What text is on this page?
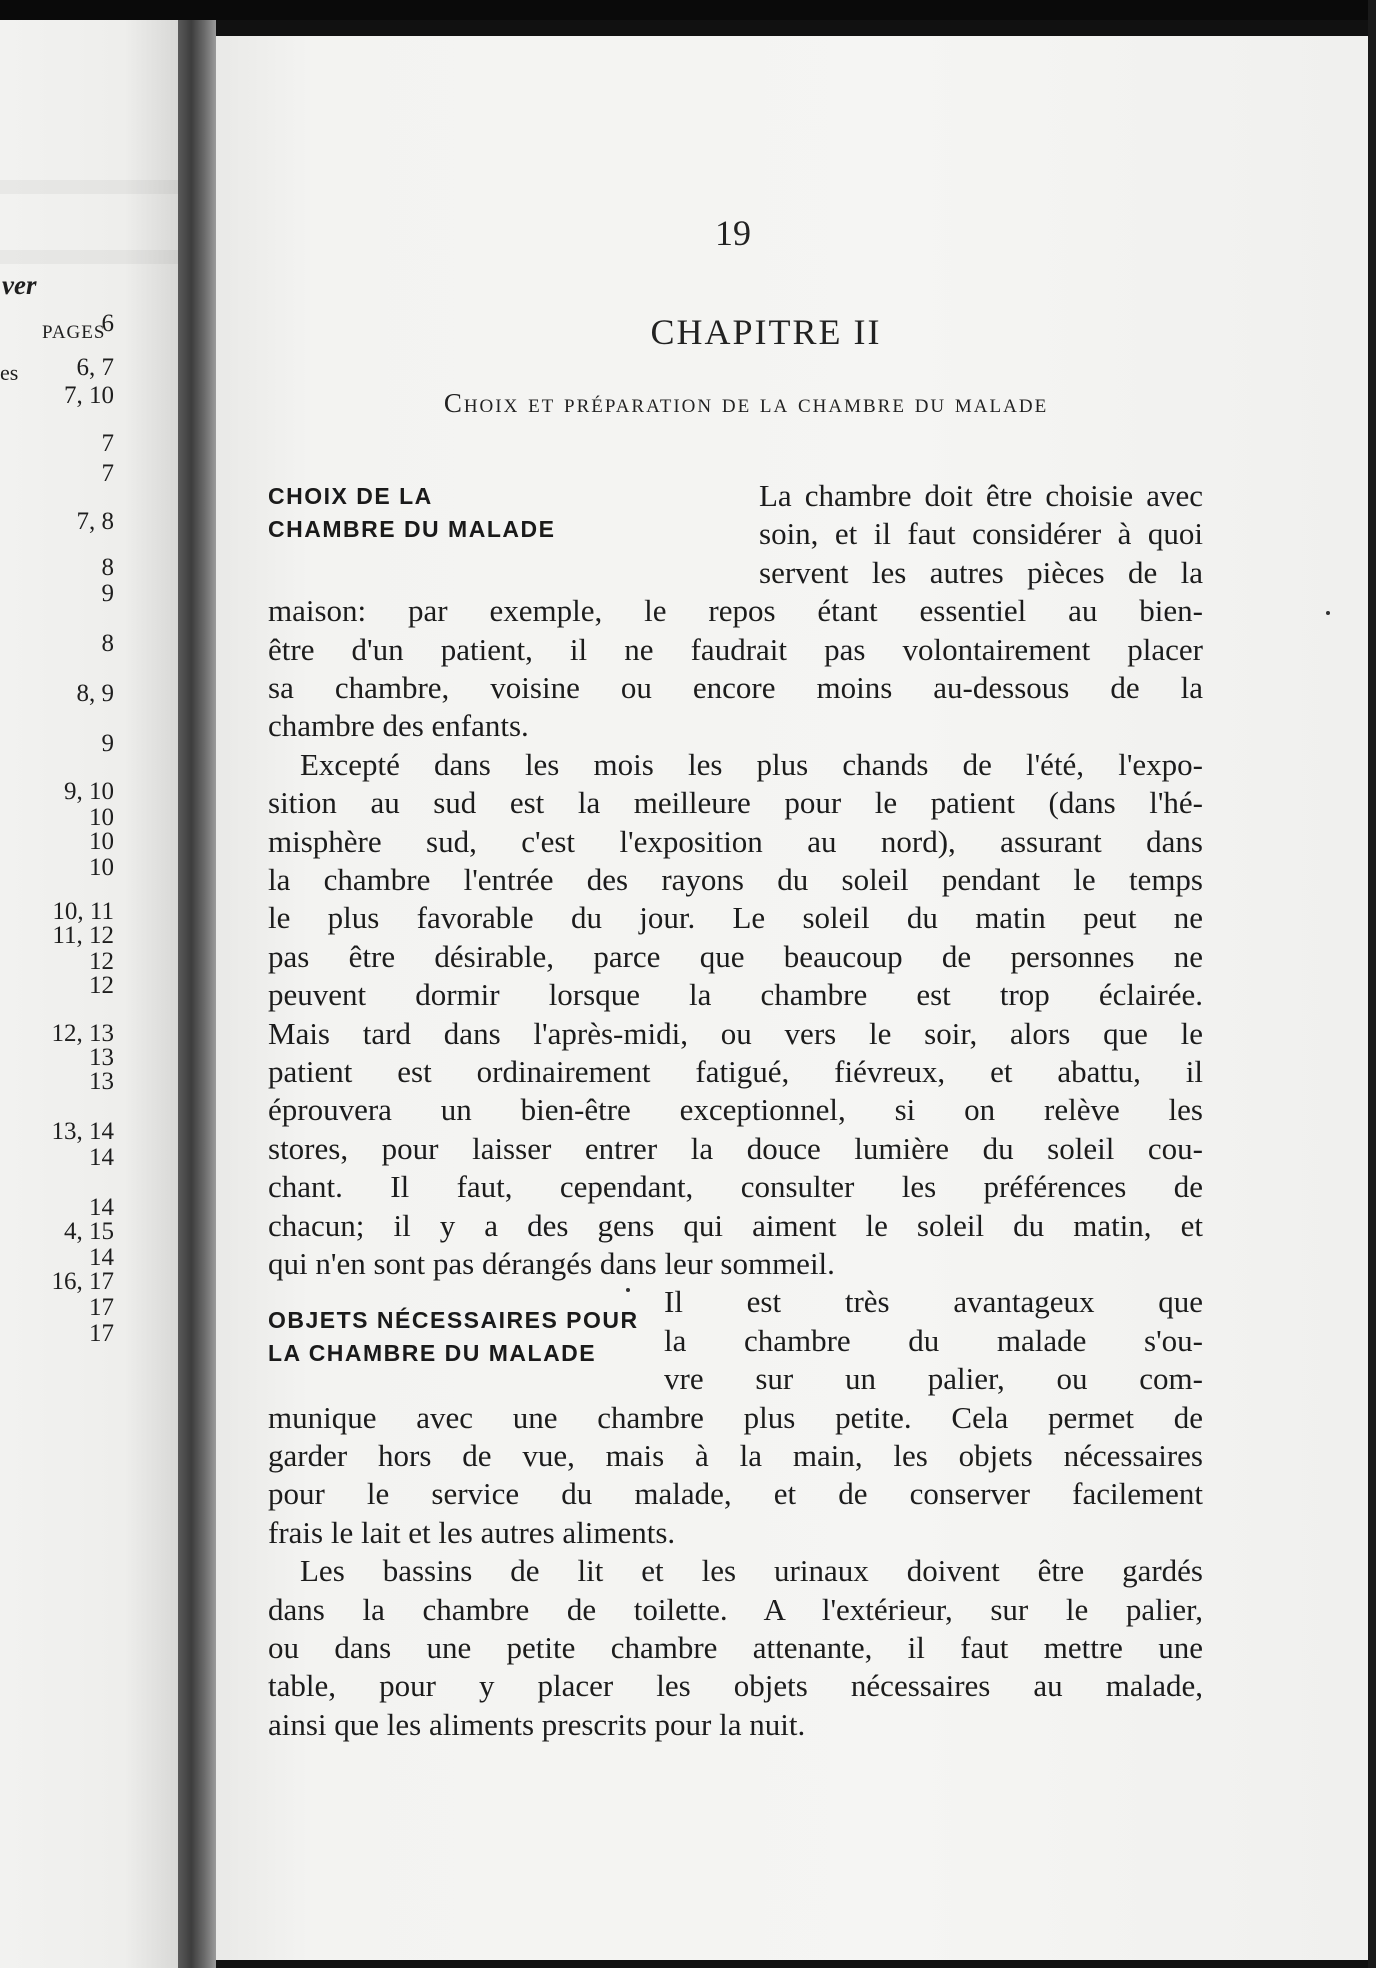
ver
PAGES
es
6
6, 7
7, 10
7
7
7, 8
8
9
8
8, 9
9
9, 10
10
10
10
10, 11
11, 12
12
12
12, 13
13
13
13, 14
14
14
4, 15
14
16, 17
17
17
19
CHAPITRE II
Choix et préparation de la chambre du malade
CHOIX DE LA
CHAMBRE DU MALADE
OBJETS NÉCESSAIRES POUR
LA CHAMBRE DU MALADE
La chambre doit être choisie avec
soin, et il faut considérer à quoi
servent les autres pièces de la
maison: par exemple, le repos étant essentiel au bien-
être d'un patient, il ne faudrait pas volontairement placer
sa chambre, voisine ou encore moins au-dessous de la
chambre des enfants.
Excepté dans les mois les plus chands de l'été, l'expo-
sition au sud est la meilleure pour le patient (dans l'hé-
misphère sud, c'est l'exposition au nord), assurant dans
la chambre l'entrée des rayons du soleil pendant le temps
le plus favorable du jour. Le soleil du matin peut ne
pas être désirable, parce que beaucoup de personnes ne
peuvent dormir lorsque la chambre est trop éclairée.
Mais tard dans l'après-midi, ou vers le soir, alors que le
patient est ordinairement fatigué, fiévreux, et abattu, il
éprouvera un bien-être exceptionnel, si on relève les
stores, pour laisser entrer la douce lumière du soleil cou-
chant. Il faut, cependant, consulter les préférences de
chacun; il y a des gens qui aiment le soleil du matin, et
qui n'en sont pas dérangés dans leur sommeil.
Il est très avantageux que
la chambre du malade s'ou-
vre sur un palier, ou com-
munique avec une chambre plus petite. Cela permet de
garder hors de vue, mais à la main, les objets nécessaires
pour le service du malade, et de conserver facilement
frais le lait et les autres aliments.
Les bassins de lit et les urinaux doivent être gardés
dans la chambre de toilette. A l'extérieur, sur le palier,
ou dans une petite chambre attenante, il faut mettre une
table, pour y placer les objets nécessaires au malade,
ainsi que les aliments prescrits pour la nuit.
